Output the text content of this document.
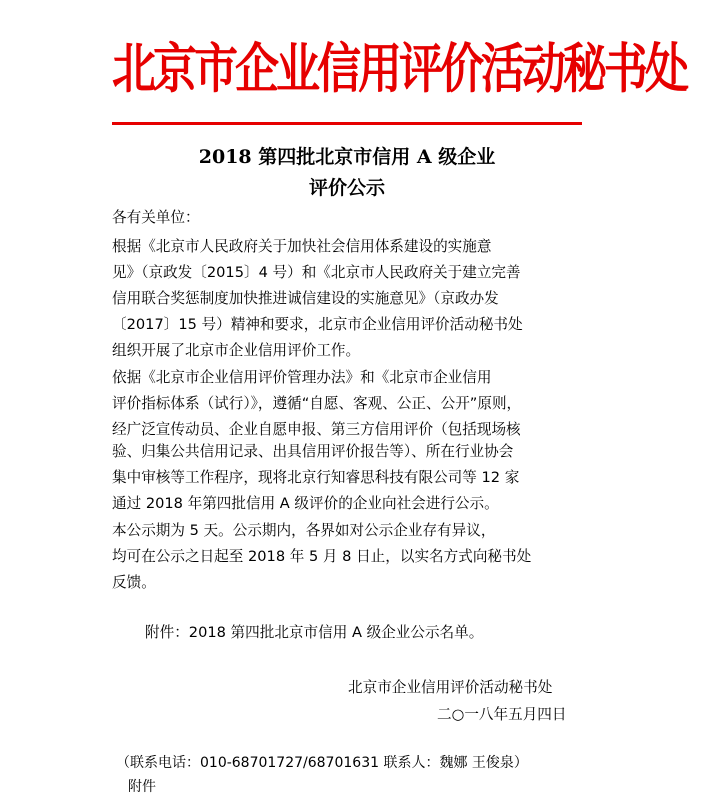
北京市企业信用评价活动秘书处
2018 第四批北京市信用 A 级企业
评价公示
各有关单位：
根据《北京市人民政府关于加快社会信用体系建设的实施意
见》（京政发〔2015〕4 号）和《北京市人民政府关于建立完善
信用联合奖惩制度加快推进诚信建设的实施意见》（京政办发
〔2017〕15 号）精神和要求，北京市企业信用评价活动秘书处
组织开展了北京市企业信用评价工作。
依据《北京市企业信用评价管理办法》和《北京市企业信用
评价指标体系（试行）》，遵循“自愿、客观、公正、公开”原则，
经广泛宣传动员、企业自愿申报、第三方信用评价（包括现场核
验、归集公共信用记录、出具信用评价报告等）、所在行业协会
集中审核等工作程序，现将北京行知睿思科技有限公司等 12 家
通过 2018 年第四批信用 A 级评价的企业向社会进行公示。
本公示期为 5 天。公示期内，各界如对公示企业存有异议，
均可在公示之日起至 2018 年 5 月 8 日止，以实名方式向秘书处
反馈。
附件：2018 第四批北京市信用 A 级企业公示名单。
北京市企业信用评价活动秘书处
二○一八年五月四日
（联系电话：010-68701727/68701631 联系人：魏娜 王俊泉）
附件
